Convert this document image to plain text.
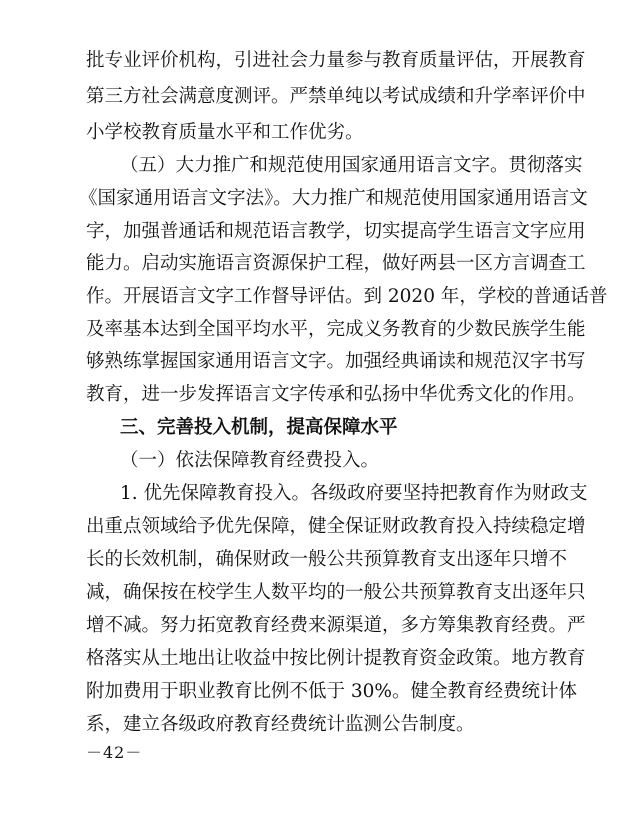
批专业评价机构，引进社会力量参与教育质量评估，开展教育
第三方社会满意度测评。严禁单纯以考试成绩和升学率评价中
小学校教育质量水平和工作优劣。
（五）大力推广和规范使用国家通用语言文字。贯彻落实
《国家通用语言文字法》。大力推广和规范使用国家通用语言文
字，加强普通话和规范语言教学，切实提高学生语言文字应用
能力。启动实施语言资源保护工程，做好两县一区方言调查工
作。开展语言文字工作督导评估。到 2020 年，学校的普通话普
及率基本达到全国平均水平，完成义务教育的少数民族学生能
够熟练掌握国家通用语言文字。加强经典诵读和规范汉字书写
教育，进一步发挥语言文字传承和弘扬中华优秀文化的作用。
三、完善投入机制，提高保障水平
（一）依法保障教育经费投入。
1. 优先保障教育投入。各级政府要坚持把教育作为财政支
出重点领域给予优先保障，健全保证财政教育投入持续稳定增
长的长效机制，确保财政一般公共预算教育支出逐年只增不
减，确保按在校学生人数平均的一般公共预算教育支出逐年只
增不减。努力拓宽教育经费来源渠道，多方筹集教育经费。严
格落实从土地出让收益中按比例计提教育资金政策。地方教育
附加费用于职业教育比例不低于 30%。健全教育经费统计体
系，建立各级政府教育经费统计监测公告制度。
－42－
